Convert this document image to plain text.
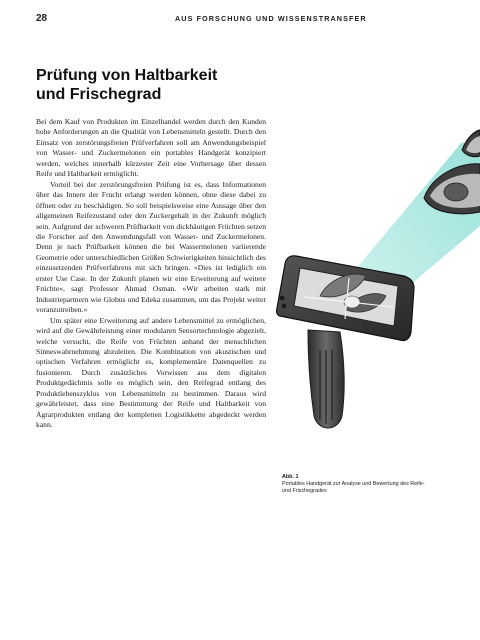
28	AUS FORSCHUNG UND WISSENSTRANSFER
Prüfung von Haltbarkeit
und Frischegrad

Bei dem Kauf von Produkten im Einzelhandel werden durch den Kunden hohe Anforderungen an die Qualität von Lebensmitteln gestellt. Durch den Einsatz von zerstörungsfreien Prüfverfahren soll am Anwendungsbeispiel von Wasser- und Zuckermelonen ein portables Handgerät konzipiert werden, welches innerhalb kürzester Zeit eine Vorhersage über dessen Reife und Haltbarkeit ermöglicht.

Vorteil bei der zerstörungsfreien Prüfung ist es, dass Informationen über das Innere der Frucht erlangt werden können, ohne diese dabei zu öffnen oder zu beschädigen. So soll beispielsweise eine Aussage über den allgemeinen Reifezustand oder den Zuckergehalt in der Zukunft möglich sein. Aufgrund der schweren Prüfbarkeit von dickhäutigen Früchten setzen die Forscher auf den Anwendungsfall von Wasser- und Zuckermelonen. Denn je nach Prüfbarkeit können die bei Wassermelonen variierende Geometrie oder unterschiedlichen Größen Schwierigkeiten hinsichtlich des einzusetzenden Prüfverfahrens mit sich bringen. »Dies ist lediglich ein erster Use Case. In der Zukunft planen wir eine Erweiterung auf weitere Früchte«, sagt Professor Ahmad Osman. »Wir arbeiten stark mit Industriepartnern wie Globus und Edeka zusammen, um das Projekt weiter voranzutreiben.«

Um später eine Erweiterung auf andere Lebensmittel zu ermöglichen, wird auf die Gewährleistung einer modularen Sensortechnologie abgezielt, welche versucht, die Reife von Früchten anhand der menschlichen Sinneswahrnehmung abzuleiten. Die Kombination von akustischen und optischen Verfahren ermöglicht es, komplementäre Datenquellen zu fusionieren. Durch zusätzliches Vorwissen aus dem digitalen Produktgedächtnis solle es möglich sein, den Reifegrad entlang des Produktlebenszyklus von Lebensmitteln zu bestimmen. Daraus wird gewährleistet, dass eine Bestimmung der Reife und Haltbarkeit von Agrarprodukten entlang der kompletten Logistikkette abgedeckt werden kann.

Abb. 1
Portables Handgerät zur Analyse und Bewertung des Reife- und Frischegrades
